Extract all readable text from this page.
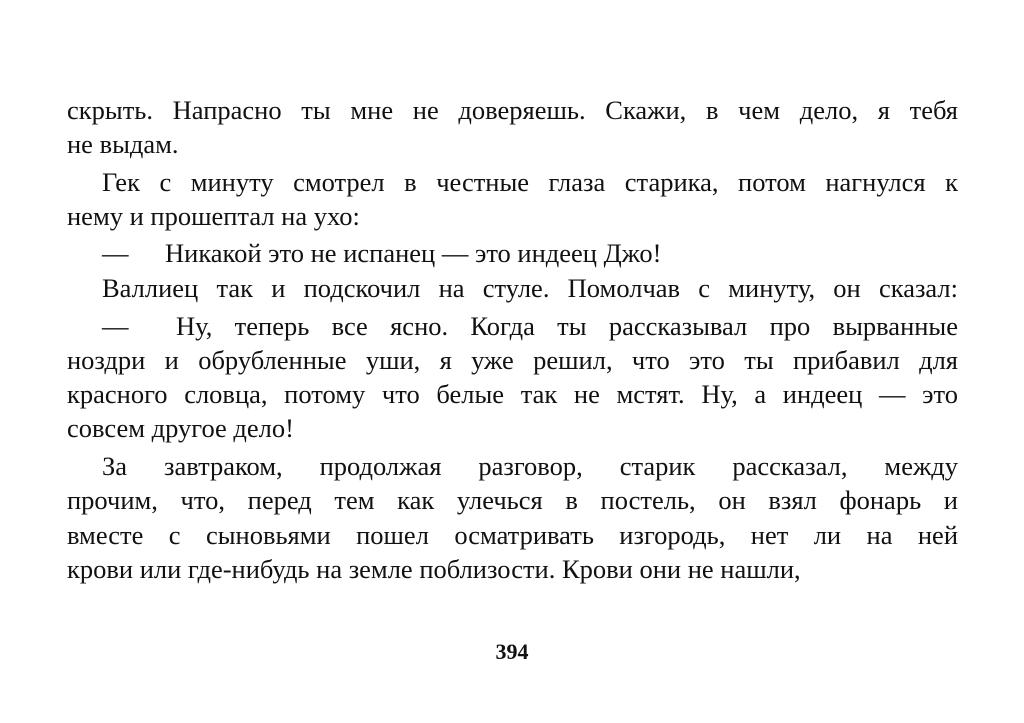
скрыть. Напрасно ты мне не доверяешь. Скажи, в чем дело, я тебя
не выдам.
Гек с минуту смотрел в честные глаза старика, потом нагнулся к
нему и прошептал на ухо:
— Никакой это не испанец — это индеец Джо!
Валлиец так и подскочил на стуле. Помолчав с минуту, он сказал:
— Ну, теперь все ясно. Когда ты рассказывал про вырванные
ноздри и обрубленные уши, я уже решил, что это ты прибавил для
красного словца, потому что белые так не мстят. Ну, а индеец — это
совсем другое дело!
За завтраком, продолжая разговор, старик рассказал, между
прочим, что, перед тем как улечься в постель, он взял фонарь и
вместе с сыновьями пошел осматривать изгородь, нет ли на ней
крови или где-нибудь на земле поблизости. Крови они не нашли,
394
